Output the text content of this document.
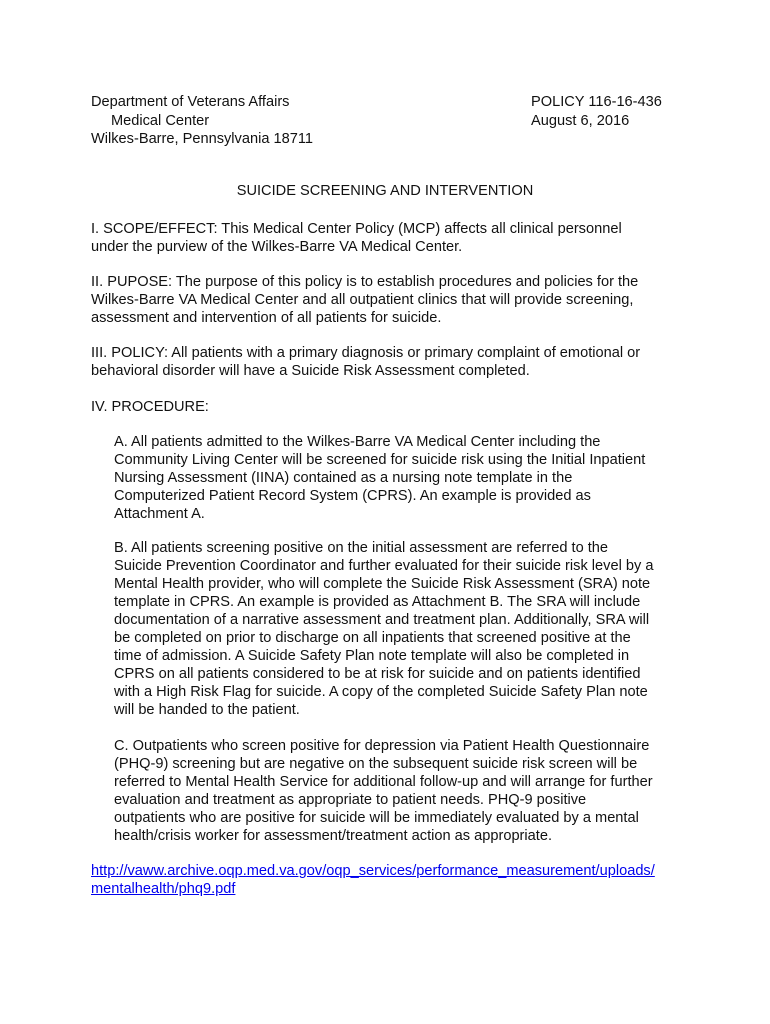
Department of Veterans Affairs
Medical Center
Wilkes-Barre, Pennsylvania 18711
POLICY 116-16-436
August 6, 2016
SUICIDE SCREENING AND INTERVENTION
I. SCOPE/EFFECT: This Medical Center Policy (MCP) affects all clinical personnel
under the purview of the Wilkes-Barre VA Medical Center.
II. PUPOSE: The purpose of this policy is to establish procedures and policies for the
Wilkes-Barre VA Medical Center and all outpatient clinics that will provide screening,
assessment and intervention of all patients for suicide.
III. POLICY: All patients with a primary diagnosis or primary complaint of emotional or
behavioral disorder will have a Suicide Risk Assessment completed.
IV. PROCEDURE:
A. All patients admitted to the Wilkes-Barre VA Medical Center including the
Community Living Center will be screened for suicide risk using the Initial Inpatient
Nursing Assessment (IINA) contained as a nursing note template in the
Computerized Patient Record System (CPRS). An example is provided as
Attachment A.
B. All patients screening positive on the initial assessment are referred to the
Suicide Prevention Coordinator and further evaluated for their suicide risk level by a
Mental Health provider, who will complete the Suicide Risk Assessment (SRA) note
template in CPRS. An example is provided as Attachment B. The SRA will include
documentation of a narrative assessment and treatment plan. Additionally, SRA will
be completed on prior to discharge on all inpatients that screened positive at the
time of admission. A Suicide Safety Plan note template will also be completed in
CPRS on all patients considered to be at risk for suicide and on patients identified
with a High Risk Flag for suicide. A copy of the completed Suicide Safety Plan note
will be handed to the patient.
C. Outpatients who screen positive for depression via Patient Health Questionnaire
(PHQ-9) screening but are negative on the subsequent suicide risk screen will be
referred to Mental Health Service for additional follow-up and will arrange for further
evaluation and treatment as appropriate to patient needs. PHQ-9 positive
outpatients who are positive for suicide will be immediately evaluated by a mental
health/crisis worker for assessment/treatment action as appropriate.
http://vaww.archive.oqp.med.va.gov/oqp_services/performance_measurement/uploads/
mentalhealth/phq9.pdf
